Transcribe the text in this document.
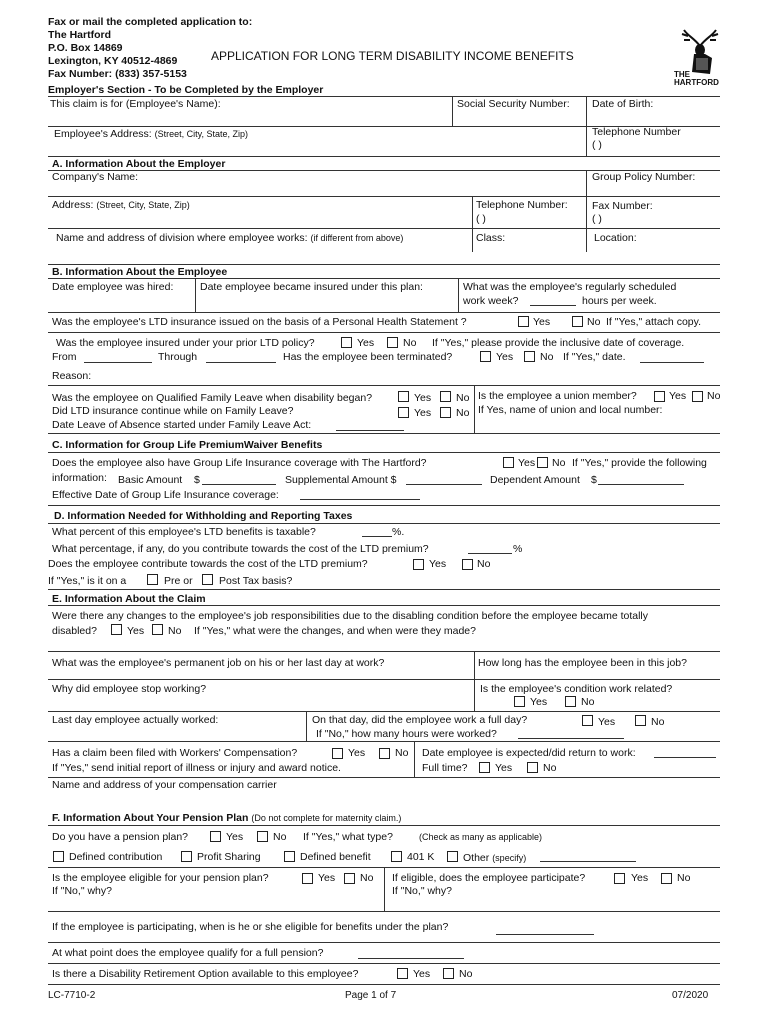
Fax or mail the completed application to:
The Hartford
P.O. Box 14869
Lexington, KY 40512-4869
Fax Number: (833) 357-5153
APPLICATION FOR LONG TERM DISABILITY INCOME BENEFITS
THE
HARTFORD
Employer's Section - To be Completed by the Employer
This claim is for (Employee's Name):	Social Security Number: Date of Birth:
Employee's Address: (Street, City, State, Zip)	Telephone Number
( )
A. Information About the Employer
Company's Name:	Group Policy Number:
Address: (Street, City, State, Zip)	Telephone Number: Fax Number:
( )	( )
Name and address of division where employee works: (if different from above)	Class:	Location:
B. Information About the Employee
Date employee was hired:	Date employee became insured under this plan:	What was the employee's regularly scheduled
work week?	hours per week.
Was the employee's LTD insurance issued on the basis of a Personal Health Statement ?	Yes	No If "Yes," attach copy.
Was the employee insured under your prior LTD policy?	Yes	No If "Yes," please provide the inclusive date of coverage.
From	Through	Has the employee been terminated?	Yes	No If "Yes," date.
Reason:
Was the employee on Qualified Family Leave when disability began?	Yes No Is the employee a union member?	Yes No
Did LTD insurance continue while on Family Leave?	Yes No If Yes, name of union and local number:
Date Leave of Absence started under Family Leave Act:
C. Information for Group Life PremiumWaiver Benefits
Does the employee also have Group Life Insurance coverage with The Hartford?	Yes No If "Yes," provide the following
information: Basic Amount $	Supplemental Amount $	Dependent Amount $
Effective Date of Group Life Insurance coverage:
D. Information Needed for Withholding and Reporting Taxes
What percent of this employee's LTD benefits is taxable?	%.
What percentage, if any, do you contribute towards the cost of the LTD premium?	%
Does the employee contribute towards the cost of the LTD premium?	Yes	No
If "Yes," is it on a	Pre or	Post Tax basis?
E. Information About the Claim
Were there any changes to the employee's job responsibilities due to the disabling condition before the employee became totally
disabled?	Yes No If "Yes," what were the changes, and when were they made?
What was the employee's permanent job on his or her last day at work?	How long has the employee been in this job?
Why did employee stop working?	Is the employee's condition work related?
Yes	No
Last day employee actually worked:	On that day, did the employee work a full day?	Yes	No
If "No," how many hours were worked?
Has a claim been filed with Workers' Compensation?	Yes	No Date employee is expected/did return to work:
If "Yes," send initial report of illness or injury and award notice.	Full time?	Yes	No
Name and address of your compensation carrier
F. Information About Your Pension Plan (Do not complete for maternity claim.)
Do you have a pension plan?	Yes	No If "Yes," what type?	(Check as many as applicable)
Defined contribution	Profit Sharing	Defined benefit	401 K	Other (specify)
Is the employee eligible for your pension plan?	Yes No If eligible, does the employee participate?	Yes	No
If "No," why?	If "No," why?
If the employee is participating, when is he or she eligible for benefits under the plan?
At what point does the employee qualify for a full pension?
Is there a Disability Retirement Option available to this employee?	Yes	No
LC-7710-2	Page 1 of 7	07/2020
